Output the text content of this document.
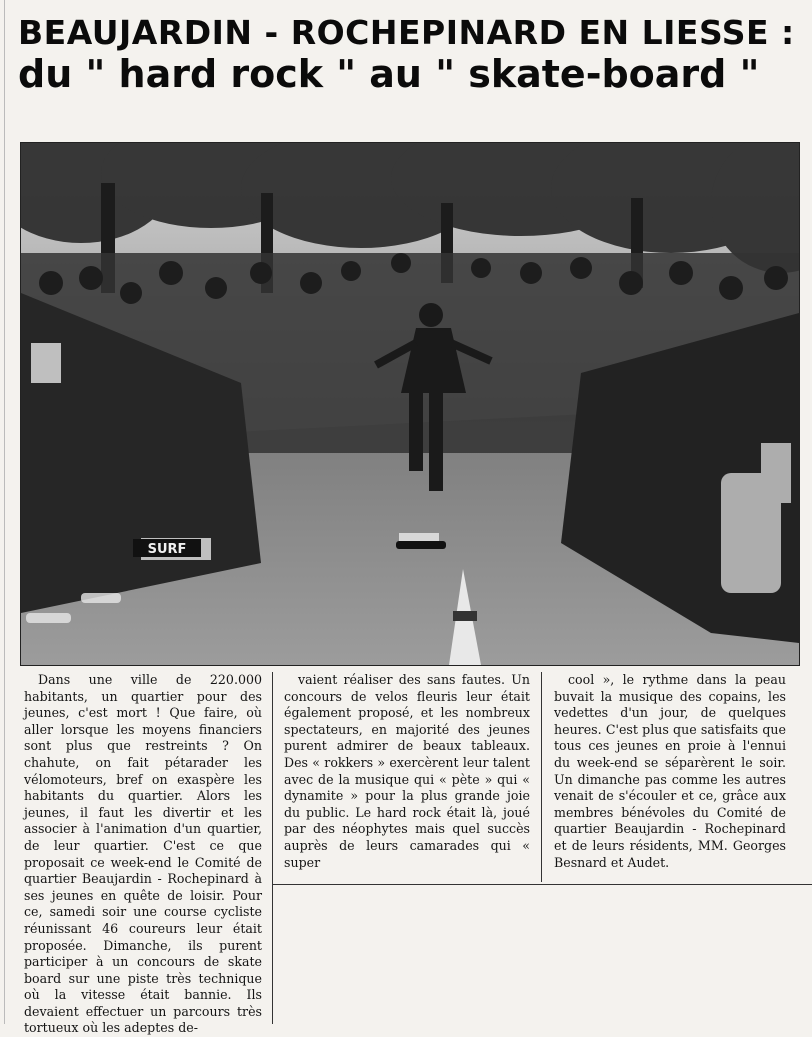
BEAUJARDIN - ROCHEPINARD EN LIESSE :
du " hard rock " au " skate-board "
SURF

Dans une ville de 220.000 habitants, un quartier pour des jeunes, c'est mort ! Que faire, où aller lorsque les moyens financiers sont plus que restreints ? On chahute, on fait pétarader les vélomoteurs, bref on exaspère les habitants du quartier. Alors les jeunes, il faut les divertir et les associer à l'animation d'un quartier, de leur quartier. C'est ce que proposait ce week-end le Comité de quartier Beaujardin - Rochepinard à ses jeunes en quête de loisir. Pour ce, samedi soir une course cycliste réunissant 46 coureurs leur était proposée. Dimanche, ils purent participer à un concours de skate board sur une piste très technique où la vitesse était bannie. Ils devaient effectuer un parcours très tortueux où les adeptes de-

vaient réaliser des sans fautes. Un concours de velos fleuris leur était également proposé, et les nombreux spectateurs, en majorité des jeunes purent admirer de beaux tableaux. Des « rokkers » exercèrent leur talent avec de la musique qui « pète » qui « dynamite » pour la plus grande joie du public. Le hard rock était là, joué par des néophytes mais quel succès auprès de leurs camarades qui « super

cool », le rythme dans la peau buvait la musique des copains, les vedettes d'un jour, de quelques heures. C'est plus que satisfaits que tous ces jeunes en proie à l'ennui du week-end se séparèrent le soir. Un dimanche pas comme les autres venait de s'écouler et ce, grâce aux membres bénévoles du Comité de quartier Beaujardin - Rochepinard et de leurs résidents, MM. Georges Besnard et Audet.
